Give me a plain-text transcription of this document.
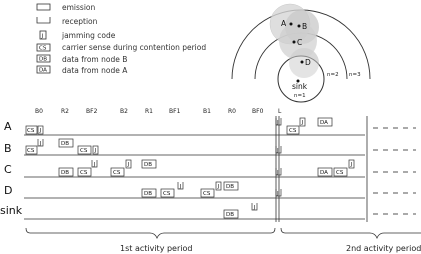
emission
reception
J	jamming code
CS carrier sense during contention period
DB data from node B
DA data from node A
A B
C
D
sink
n=1
n=2 n=3
B0	R2	BF2	B2	R1	BF1	B1	R0	BF0 L
A
B
C
D
sink
CS J
J
CS
J	DA
CS
J	DB
CS J	J
DB CS
J
CS
J	DB
J	DA CS
J
DB CS
J
CS
J DB
J
DB
J
1st activity period	2nd activity period
